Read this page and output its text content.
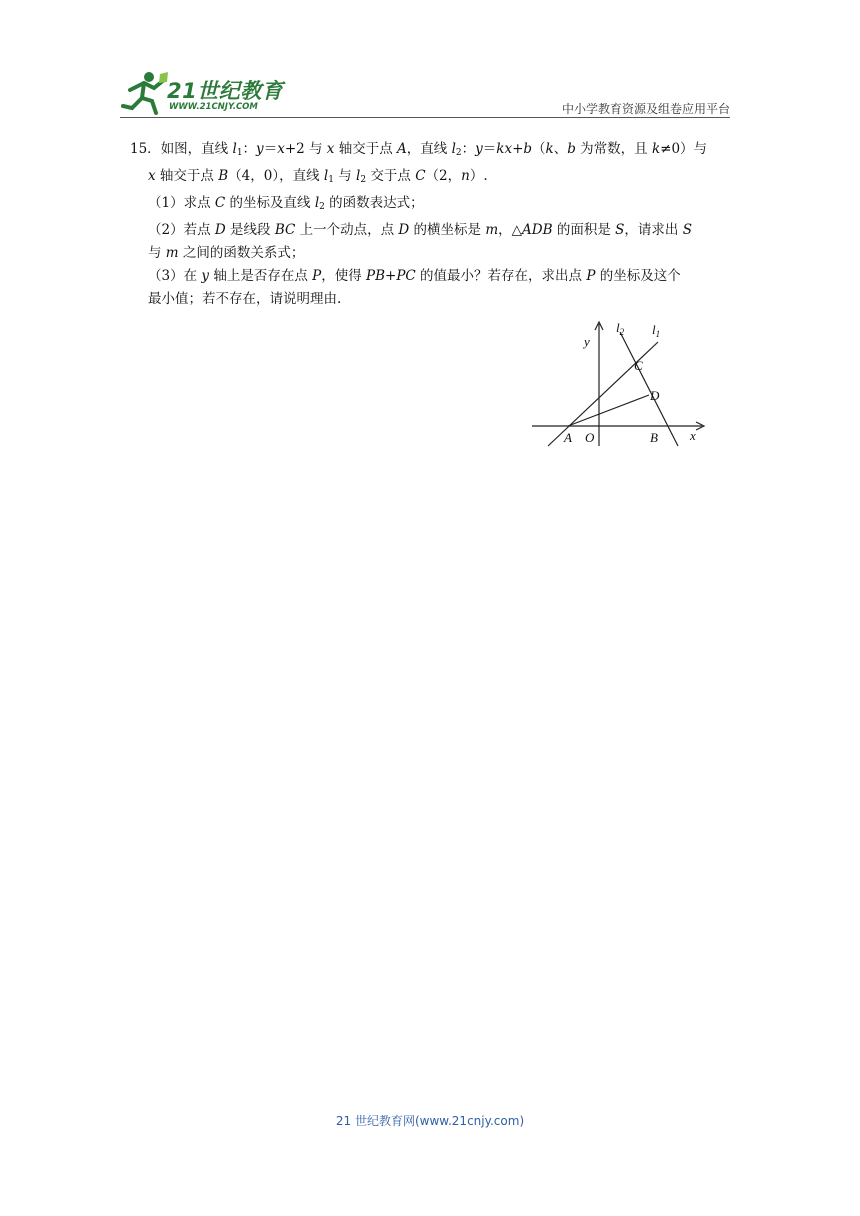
21世纪教育
WWW.21CNJY.COM	中小学教育资源及组卷应用平台

15．如图，直线 $l_1$：y＝x+2 与 x 轴交于点 A，直线 $l_2$：y＝kx+b（k、b 为常数，且 k≠0）与

x 轴交于点 B（4，0），直线 $l_1$ 与 $l_2$ 交于点 C（2，n）.

（1）求点 C 的坐标及直线 $l_2$ 的函数表达式；

（2）若点 D 是线段 BC 上一个动点，点 D 的横坐标是 m，△ADB 的面积是 S，请求出 S

与 m 之间的函数关系式；

（3）在 y 轴上是否存在点 P，使得 PB+PC 的值最小？若存在，求出点 P 的坐标及这个

最小值；若不存在，请说明理由.

y
$l_2$ $l_1$
C
D
A O	B x
21 世纪教育网(www.21cnjy.com)
